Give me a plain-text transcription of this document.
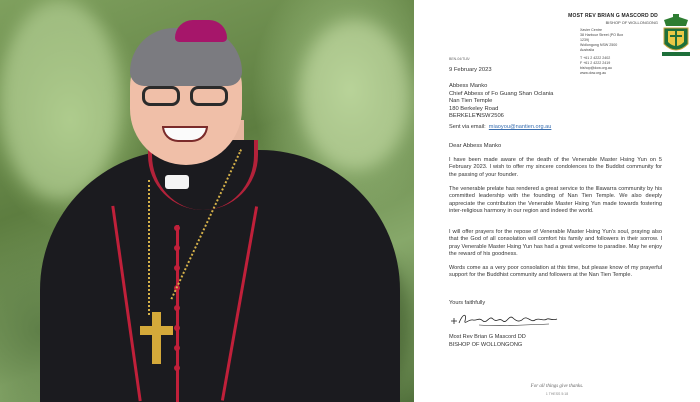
MOST REV BRIAN G MASCORD DD
BISHOP OF WOLLONGONG
Xavier Centre
38 Harbour Street (PO Box 1239)
Wollongong NSW 2500 Australia
T +61 2 4222 2402
F +61 2 4222 2419
bishop@dow.org.au
www.dow.org.au
BEN-04/TLB/
9 February 2023
Abbess Manko
Chief Abbess of Fo Guang Shan Oclania
Nan Tien Temple
180 Berkeley Road
BERKELEYNSW2506
Sent via email: miaoyou@nantien.org.au
Dear Abbess Manko
I have been made aware of the death of the Venerable Master Hsing Yun on 5 February 2023. I wish to offer my sincere condolences to the Buddist community for the passing of your founder.
The venerable prelate has rendered a great service to the Illawarra community by his committed leadership with the founding of Nan Tien Temple. We also deeply appreciate the contribution the Venerable Master Hsing Yun made towards fostering inter-religious harmony in our region and indeed the world.
I will offer prayers for the repose of Venerable Master Hsing Yun's soul, praying also that the God of all consolation will comfort his family and followers in their sorrow. I pray Venerable Master Hsing Yun has had a great welcome to paradise. May he enjoy the reward of his goodness.
Words come as a very poor consolation at this time, but please know of my prayerful support for the Buddhist community and followers at the Nan Tien Temple.
Yours faithfully
Most Rev Brian G Mascord DD
BISHOP OF WOLLONGONG
For all things give thanks.
1 THESS 5:18
